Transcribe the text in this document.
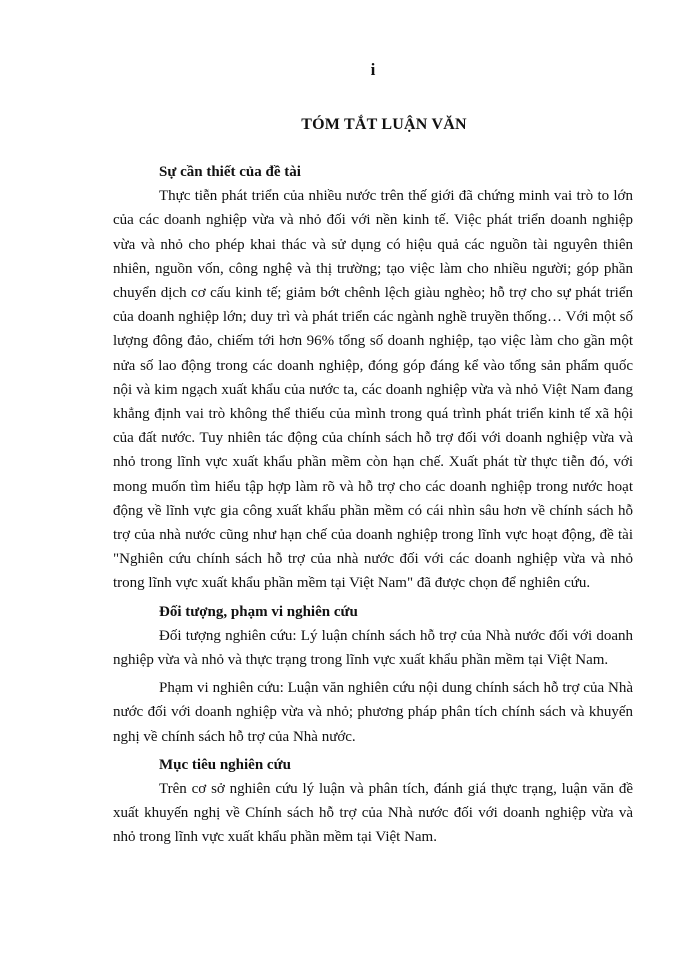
i
TÓM TẮT LUẬN VĂN

Sự cần thiết của đề tài

Thực tiễn phát triển của nhiều nước trên thế giới đã chứng minh vai trò to lớn của các doanh nghiệp vừa và nhỏ đối với nền kinh tế. Việc phát triển doanh nghiệp vừa và nhỏ cho phép khai thác và sử dụng có hiệu quả các nguồn tài nguyên thiên nhiên, nguồn vốn, công nghệ và thị trường; tạo việc làm cho nhiều người; góp phần chuyển dịch cơ cấu kinh tế; giảm bớt chênh lệch giàu nghèo; hỗ trợ cho sự phát triển của doanh nghiệp lớn; duy trì và phát triển các ngành nghề truyền thống… Với một số lượng đông đảo, chiếm tới hơn 96% tổng số doanh nghiệp, tạo việc làm cho gần một nửa số lao động trong các doanh nghiệp, đóng góp đáng kể vào tổng sản phẩm quốc nội và kim ngạch xuất khẩu của nước ta, các doanh nghiệp vừa và nhỏ Việt Nam đang khẳng định vai trò không thể thiếu của mình trong quá trình phát triển kinh tế xã hội của đất nước. Tuy nhiên tác động của chính sách hỗ trợ đối với doanh nghiệp vừa và nhỏ trong lĩnh vực xuất khẩu phần mềm còn hạn chế. Xuất phát từ thực tiễn đó, với mong muốn tìm hiểu tập hợp làm rõ và hỗ trợ cho các doanh nghiệp trong nước hoạt động về lĩnh vực gia công xuất khẩu phần mềm có cái nhìn sâu hơn về chính sách hỗ trợ của nhà nước cũng như hạn chế của doanh nghiệp trong lĩnh vực hoạt động, đề tài "Nghiên cứu chính sách hỗ trợ của nhà nước đối với các doanh nghiệp vừa và nhỏ trong lĩnh vực xuất khẩu phần mềm tại Việt Nam" đã được chọn để nghiên cứu.

Đối tượng, phạm vi nghiên cứu

Đối tượng nghiên cứu: Lý luận chính sách hỗ trợ của Nhà nước đối với doanh nghiệp vừa và nhỏ và thực trạng trong lĩnh vực xuất khẩu phần mềm tại Việt Nam.

Phạm vi nghiên cứu: Luận văn nghiên cứu nội dung chính sách hỗ trợ của Nhà nước đối với doanh nghiệp vừa và nhỏ; phương pháp phân tích chính sách và khuyến nghị về chính sách hỗ trợ của Nhà nước.

Mục tiêu nghiên cứu

Trên cơ sở nghiên cứu lý luận và phân tích, đánh giá thực trạng, luận văn đề xuất khuyến nghị về Chính sách hỗ trợ của Nhà nước đối với doanh nghiệp vừa và nhỏ trong lĩnh vực xuất khẩu phần mềm tại Việt Nam.
